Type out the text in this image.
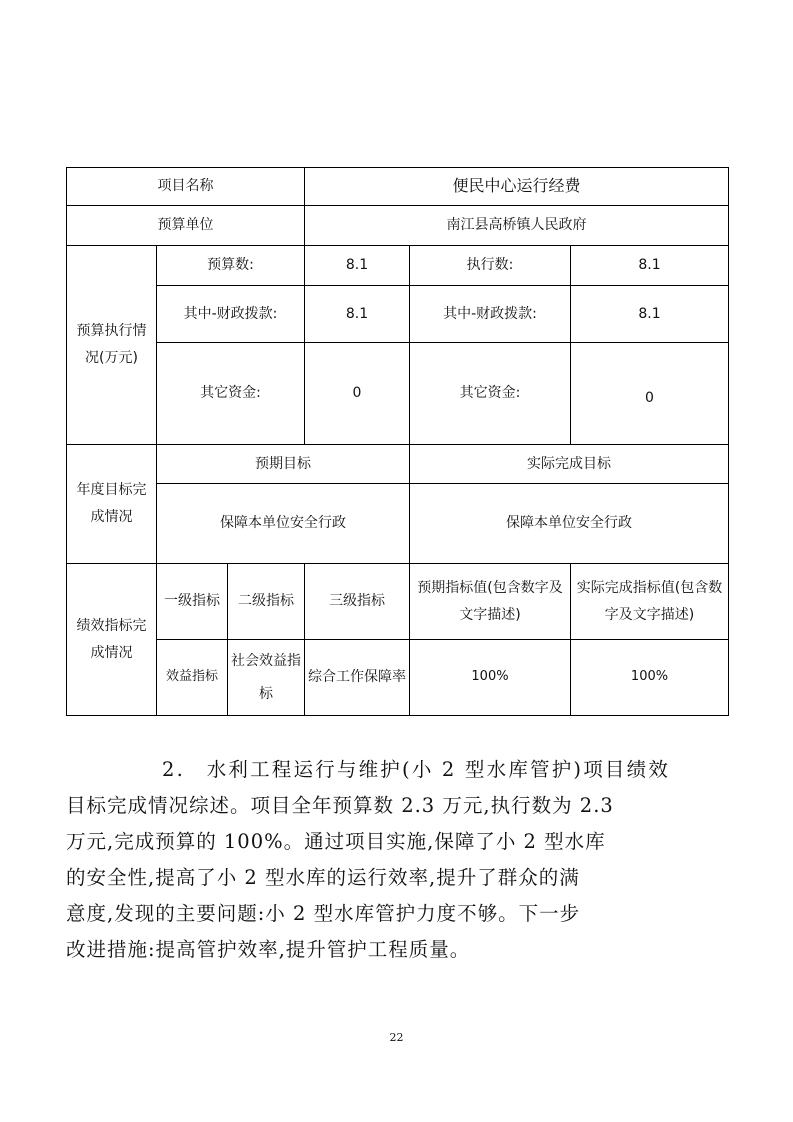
项目名称			便民中心运行经费		
预算单位			南江县高桥镇人民政府		
预算执行情
况(万元)	预算数:		8.1	执行数:	8.1
	其中-财政拨款:		8.1	其中-财政拨款:	8.1
	其它资金:		0	其它资金:	0
年度目标完
成情况	预期目标			实际完成目标	
	保障本单位安全行政			保障本单位安全行政	
绩效指标完
成情况	一级指标	二级指标	三级指标	预期指标值(包含数字及文字描述)	实际完成指标值(包含数字及文字描述)
	效益指标	社会效益指标	综合工作保障率	100%	100%
2.　水利工程运行与维护(小 2 型水库管护)项目绩效
目标完成情况综述。项目全年预算数 2.3 万元,执行数为 2.3
万元,完成预算的 100%。通过项目实施,保障了小 2 型水库
的安全性,提高了小 2 型水库的运行效率,提升了群众的满
意度,发现的主要问题:小 2 型水库管护力度不够。下一步
改进措施:提高管护效率,提升管护工程质量。
22
